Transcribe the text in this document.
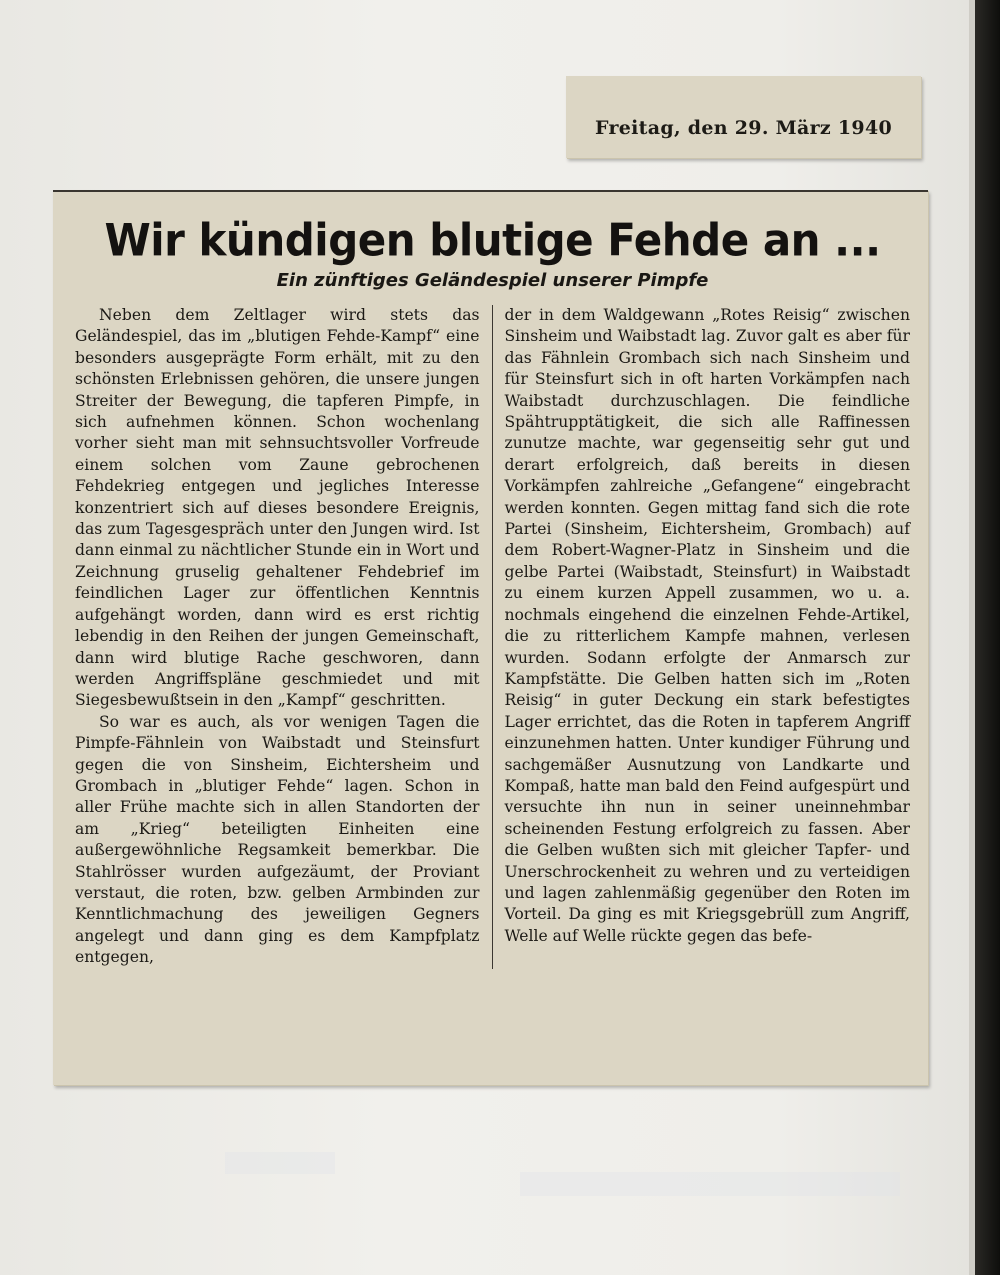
Freitag, den 29. März 1940
Wir kündigen blutige Fehde an ...
Ein zünftiges Geländespiel unserer Pimpfe

Neben dem Zeltlager wird stets das Geländespiel, das im „blutigen Fehde-Kampf“ eine besonders ausgeprägte Form erhält, mit zu den schönsten Erlebnissen gehören, die unsere jungen Streiter der Bewegung, die tapferen Pimpfe, in sich aufnehmen können. Schon wochenlang vorher sieht man mit sehnsuchtsvoller Vorfreude einem solchen vom Zaune gebrochenen Fehdekrieg entgegen und jegliches Interesse konzentriert sich auf dieses besondere Ereignis, das zum Tagesgespräch unter den Jungen wird. Ist dann einmal zu nächtlicher Stunde ein in Wort und Zeichnung gruselig gehaltener Fehdebrief im feindlichen Lager zur öffentlichen Kenntnis aufgehängt worden, dann wird es erst richtig lebendig in den Reihen der jungen Gemeinschaft, dann wird blutige Rache geschworen, dann werden Angriffspläne geschmiedet und mit Siegesbewußtsein in den „Kampf“ geschritten.

So war es auch, als vor wenigen Tagen die Pimpfe-Fähnlein von Waibstadt und Steinsfurt gegen die von Sinsheim, Eichtersheim und Grombach in „blutiger Fehde“ lagen. Schon in aller Frühe machte sich in allen Standorten der am „Krieg“ beteiligten Einheiten eine außergewöhnliche Regsamkeit bemerkbar. Die Stahlrösser wurden aufgezäumt, der Proviant verstaut, die roten, bzw. gelben Armbinden zur Kenntlichmachung des jeweiligen Gegners angelegt und dann ging es dem Kampfplatz entgegen,

der in dem Waldgewann „Rotes Reisig“ zwischen Sinsheim und Waibstadt lag. Zuvor galt es aber für das Fähnlein Grombach sich nach Sinsheim und für Steinsfurt sich in oft harten Vorkämpfen nach Waibstadt durchzuschlagen. Die feindliche Spähtrupptätigkeit, die sich alle Raffinessen zunutze machte, war gegenseitig sehr gut und derart erfolgreich, daß bereits in diesen Vorkämpfen zahlreiche „Gefangene“ eingebracht werden konnten. Gegen mittag fand sich die rote Partei (Sinsheim, Eichtersheim, Grombach) auf dem Robert-Wagner-Platz in Sinsheim und die gelbe Partei (Waibstadt, Steinsfurt) in Waibstadt zu einem kurzen Appell zusammen, wo u. a. nochmals eingehend die einzelnen Fehde-Artikel, die zu ritterlichem Kampfe mahnen, verlesen wurden. Sodann erfolgte der Anmarsch zur Kampfstätte. Die Gelben hatten sich im „Roten Reisig“ in guter Deckung ein stark befestigtes Lager errichtet, das die Roten in tapferem Angriff einzunehmen hatten. Unter kundiger Führung und sachgemäßer Ausnutzung von Landkarte und Kompaß, hatte man bald den Feind aufgespürt und versuchte ihn nun in seiner uneinnehmbar scheinenden Festung erfolgreich zu fassen. Aber die Gelben wußten sich mit gleicher Tapfer- und Unerschrockenheit zu wehren und zu verteidigen und lagen zahlenmäßig gegenüber den Roten im Vorteil. Da ging es mit Kriegsgebrüll zum Angriff, Welle auf Welle rückte gegen das befe-
